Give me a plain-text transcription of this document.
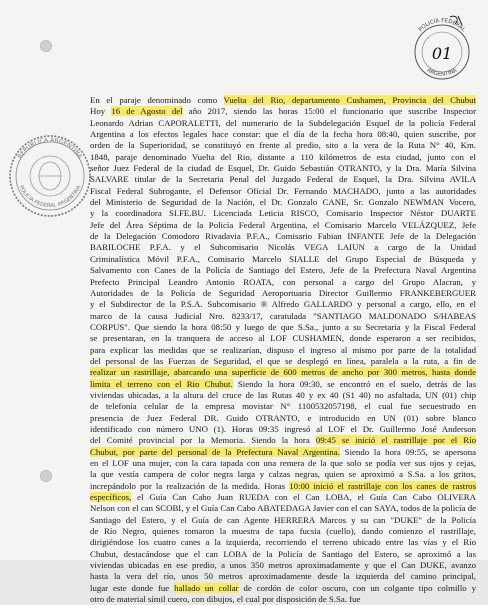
POLICIA FEDERAL
ARGENTINA
01
REPUBLICA ARGENTINA
POLICIA FEDERAL ARGENTINA
En el paraje denominado como Vuelta del Rio, departamento Cushamen, Provincia del Chubut
Hoy 16 de Agosto del año 2017, siendo las horas 15:00 el funcionario que suscribe Inspector
Leonardo Adrian CAPORALETTI, del numerario de la Subdelegación Esquel de la policía Federal
Argentina a los efectos legales hace constar: que el día de la fecha hora 08:40, quien suscribe, por
orden de la Superioridad, se constituyó en frente al predio, sito a la vera de la Ruta N° 40, Km.
1848, paraje denominado Vuelta del Rio, distante a 110 kilómetros de esta ciudad, junto con el
señor Juez Federal de la ciudad de Esquel, Dr. Guido Sebastián OTRANTO, y la Dra. María Silvina
SALVARE titular de la Secretaria Penal del Juzgado Federal de Esquel, la Dra. Silvina AVILA
Fiscal Federal Subrogante, el Defensor Oficial Dr. Fernando MACHADO, junto a las autoridades
del Ministerio de Seguridad de la Nación, el Dr. Gonzalo CANE, Sr. Gonzalo NEWMAN Vocero,
y la coordinadora SI.FE.BU. Licenciada Leticia RISCO, Comisario Inspector Néstor DUARTE
Jefe del Área Séptima de la Policía Federal Argentina, el Comisario Marcelo VELÁZQUEZ, Jefe
de la Delegación Comodoro Rivadavia P.F.A., Comisario Fabian INFANTE Jefe de la Delegación
BARILOCHE P.F.A. y el Subcomisario Nicolás VEGA LAIUN a cargo de la Unidad
Criminalística Móvil P.F.A., Comisario Marcelo SIALLE del Grupo Especial de Búsqueda y
Salvamento con Canes de la Policía de Santiago del Estero, Jefe de la Prefectura Naval Argentina
Prefecto Principal Leandro Antonio ROATA, con personal a cargo del Grupo Alacran, y
Autoridades de la Policía de Seguridad Aeroportuaria Director Guillermo FRANKEBERGUER
y el Subdirector de la P.S.A. Subcomisario ® Alfredo GALLARDO y personal a cargo, ello, en el
marco de la causa Judicial Nro. 8233/17, caratulada "SANTIAGO MALDONADO S/HABEAS
CORPUS". Que siendo la hora 08:50 y luego de que S.Sa., junto a su Secretaria y la Fiscal Federal
se presentaran, en la tranquera de acceso al LOF CUSHAMEN, donde esperaron a ser recibidos,
para explicar las medidas que se realizarían, dispuso el ingreso al mismo por parte de la totalidad
del personal de las Fuerzas de Seguridad, el que se desplegó en línea, paralela a la ruta, a fin de
realizar un rastrillaje, abarcando una superficie de 600 metros de ancho por 300 metros, hasta donde
limita el terreno con el Rio Chubut. Siendo la hora 09:30, se encontró en el suelo, detrás de las
viviendas ubicadas, a la altura del cruce de las Rutas 40 y ex 40 (S1 40) no asfaltada, UN (01) chip
de telefonía celular de la empresa movistar N° 1100532057198, el cual fue secuestrado en
presencia de Juez Federal DR. Guido OTRANTO, e introducido en UN (01) sobre blanco
identificado con número UNO (1). Horas 09:35 ingresó al LOF el Dr. Guillermo José Anderson
del Comité provincial por la Memoria. Siendo la hora 09:45 se inició el rastrillaje por el Río
Chubut, por parte del personal de la Prefectura Naval Argentina. Siendo la hora 09:55, se apersona
en el LOF una mujer, con la cara tapada con una remera de la que solo se podía ver sus ojos y cejas,
la que vestía campera de color negra larga y calzas negras, quien se aproximó a S.Sa. a los gritos,
increpándolo por la realización de la medida. Horas 10:00 inició el rastrillaje con los canes de rastros
específicos, el Guía Can Cabo Juan RUEDA con el Can LOBA, el Guía Can Cabo OLIVERA
Nelson con el can SCOBI, y el Guía Can Cabo ABATEDAGA Javier con el can SAYA, todos de la policía de
Santiago del Estero, y el Guía de can Agente HERRERA Marcos y su can "DUKE" de la Policía
de Río Negro, quienes tomaron la muestra de tapa fucsia (cuello), dando comienzo el rastrillaje,
dirigiéndose los cuatro canes a la izquierda, recorriendo el terreno ubicado entre las vías y el Río
Chubut, destacándose que el can LOBA de la Policía de Santiago del Estero, se aproximó a las
viviendas ubicadas en ese predio, a unos 350 metros aproximadamente y que el Can DUKE, avanzo
hasta la vera del río, unos 50 metros aproximadamente desde la izquierda del camino principal,
lugar este donde fue hallado un collar de cordón de color oscuro, con un colgante tipo colmillo y
otro de material símil cuero, con dibujos, el cual por disposición de S.Sa. fue
